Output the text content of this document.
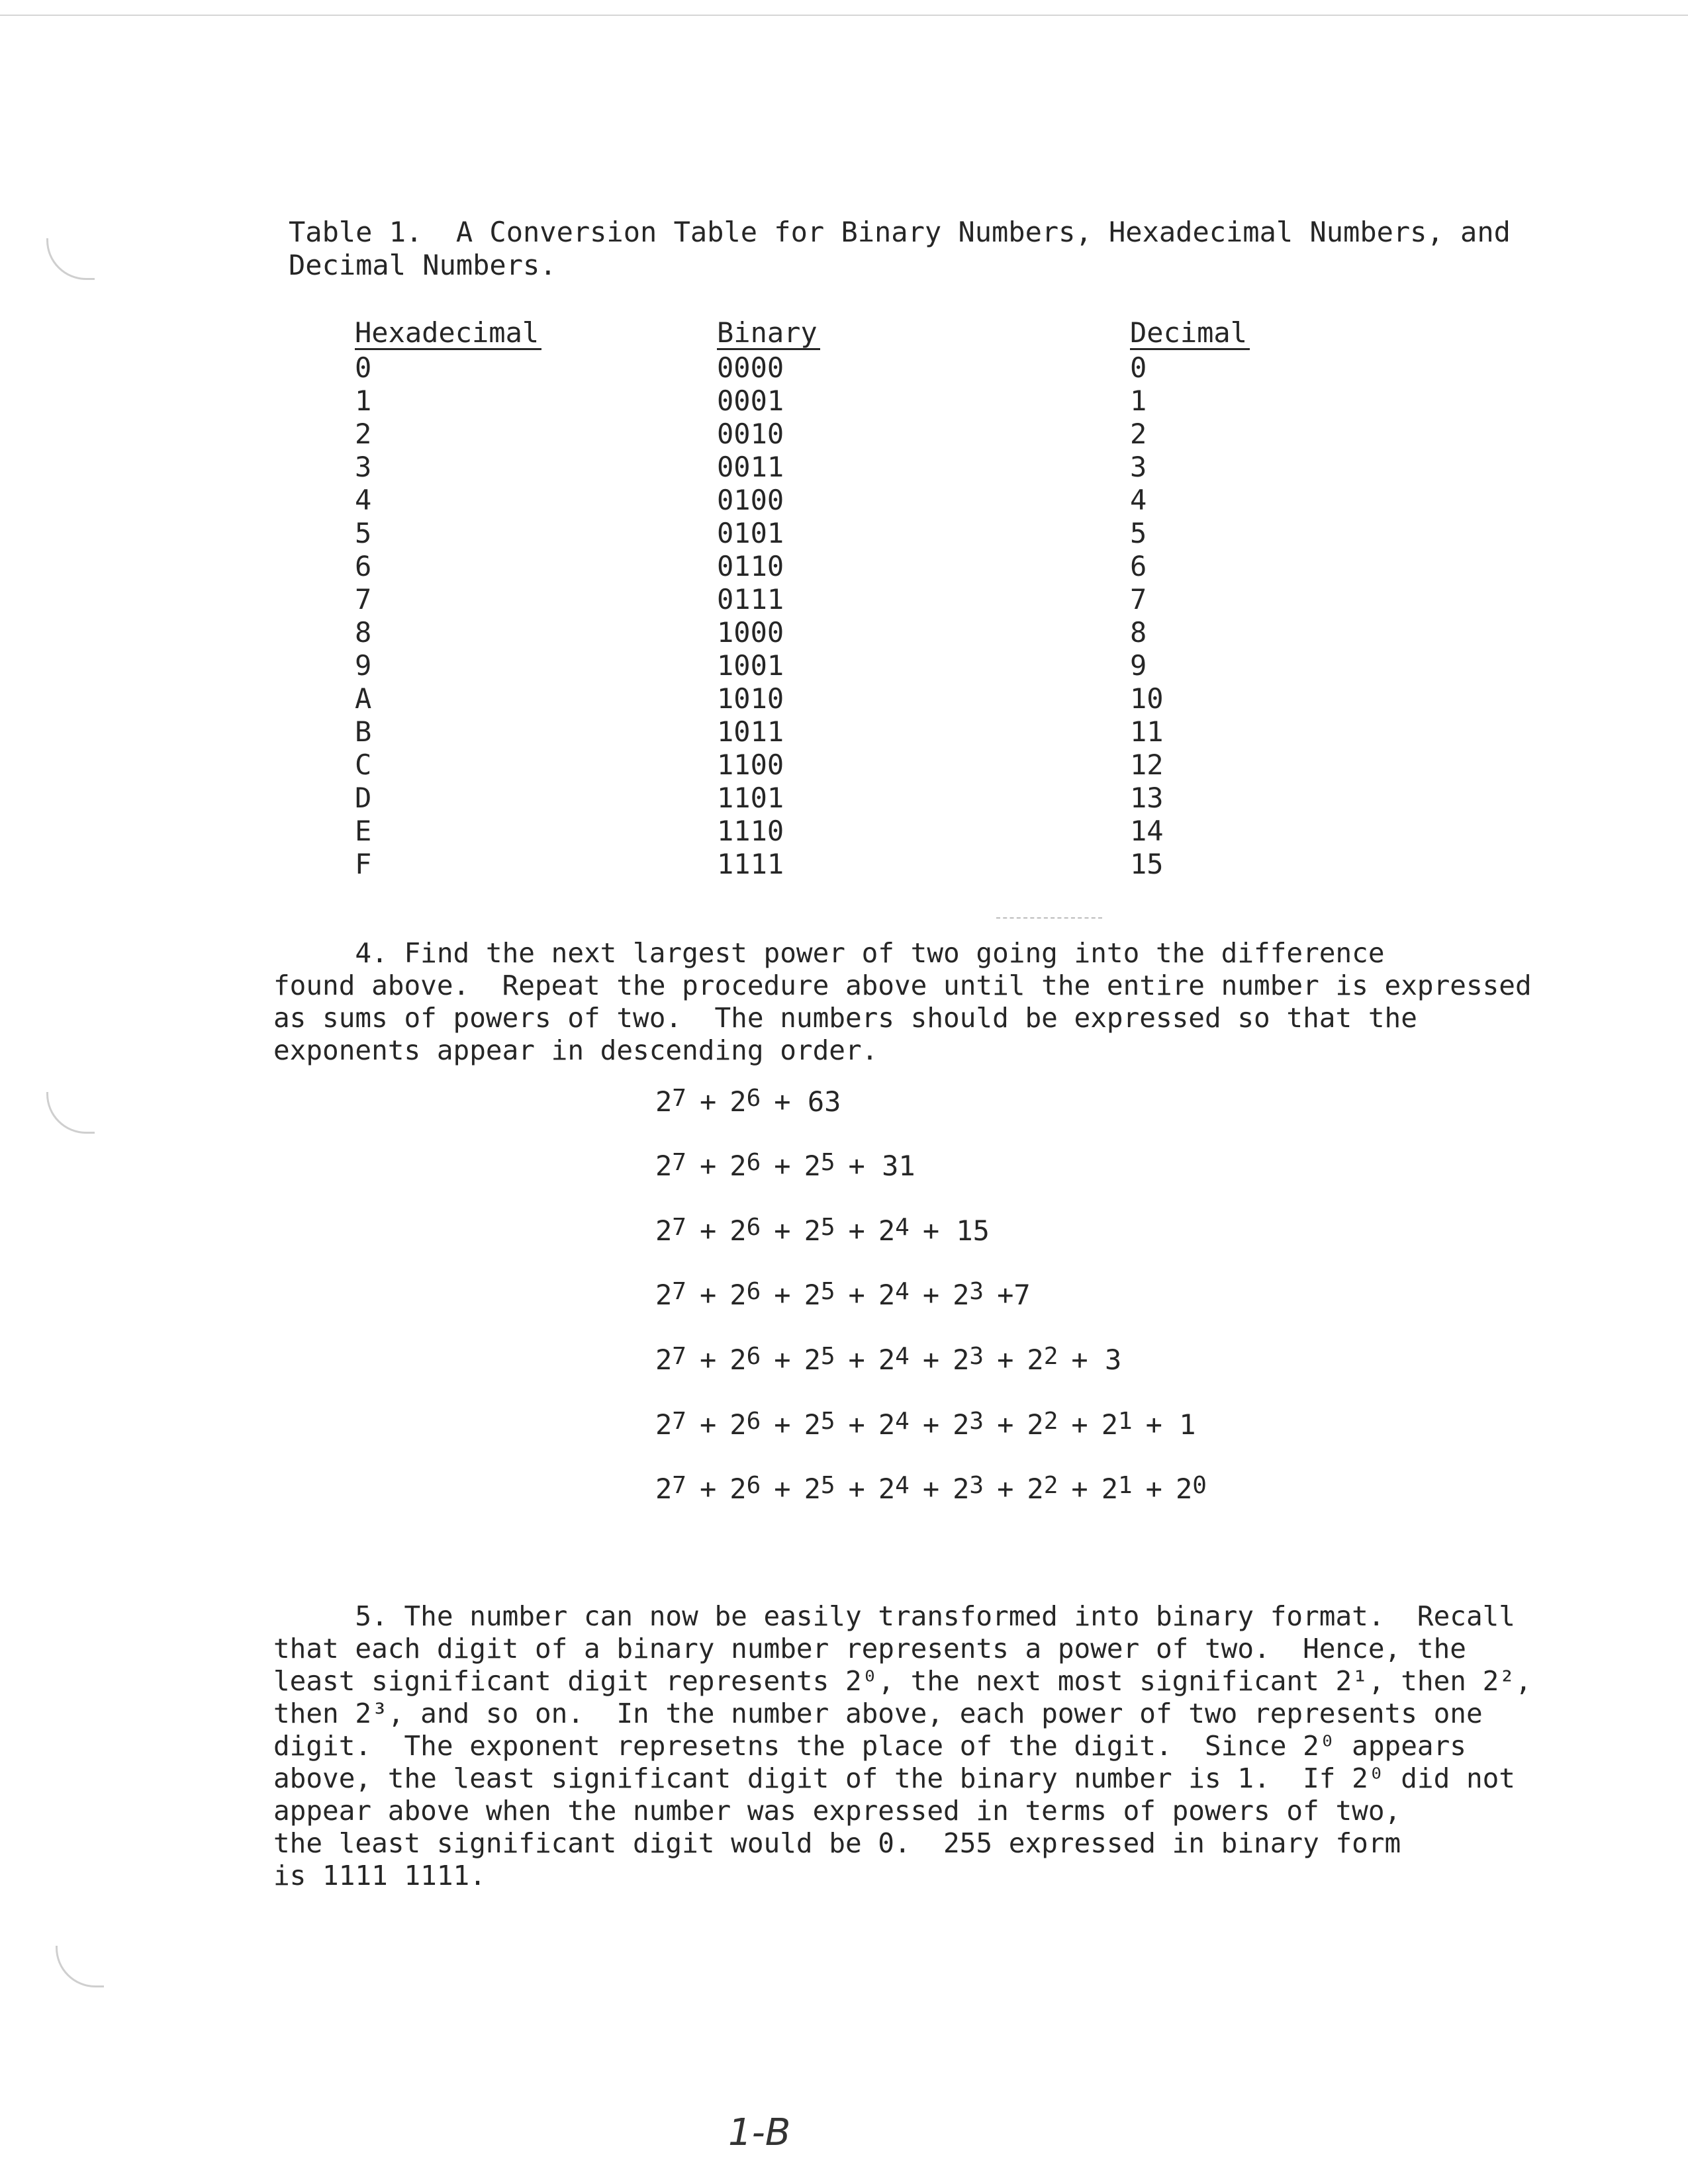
Table 1.  A Conversion Table for Binary Numbers, Hexadecimal Numbers, and
Decimal Numbers.
Hexadecimal
0
1
2
3
4
5
6
7
8
9
A
B
C
D
E
F
Binary
0000
0001
0010
0011
0100
0101
0110
0111
1000
1001
1010
1011
1100
1101
1110
1111
Decimal
0
1
2
3
4
5
6
7
8
9
10
11
12
13
14
15
4. Find the next largest power of two going into the difference
found above.  Repeat the procedure above until the entire number is expressed
as sums of powers of two.  The numbers should be expressed so that the
exponents appear in descending order.
$2^7 + 2^6 + 63$
$2^7 + 2^6 + 2^5 + 31$
$2^7 + 2^6 + 2^5 + 2^4 + 15$
$2^7 + 2^6 + 2^5 + 2^4 + 2^3 +7$
$2^7 + 2^6 + 2^5 + 2^4 + 2^3 + 2^2 + 3$
$2^7 + 2^6 + 2^5 + 2^4 + 2^3 + 2^2 + 2^1 + 1$
$2^7 + 2^6 + 2^5 + 2^4 + 2^3 + 2^2 + 2^1 + 2^0$
5. The number can now be easily transformed into binary format.  Recall
that each digit of a binary number represents a power of two.  Hence, the
least significant digit represents 2⁰, the next most significant 2¹, then 2²,
then 2³, and so on.  In the number above, each power of two represents one
digit.  The exponent represetns the place of the digit.  Since 2⁰ appears
above, the least significant digit of the binary number is 1.  If 2⁰ did not
appear above when the number was expressed in terms of powers of two,
the least significant digit would be 0.  255 expressed in binary form
is 1111 1111.
1-B
